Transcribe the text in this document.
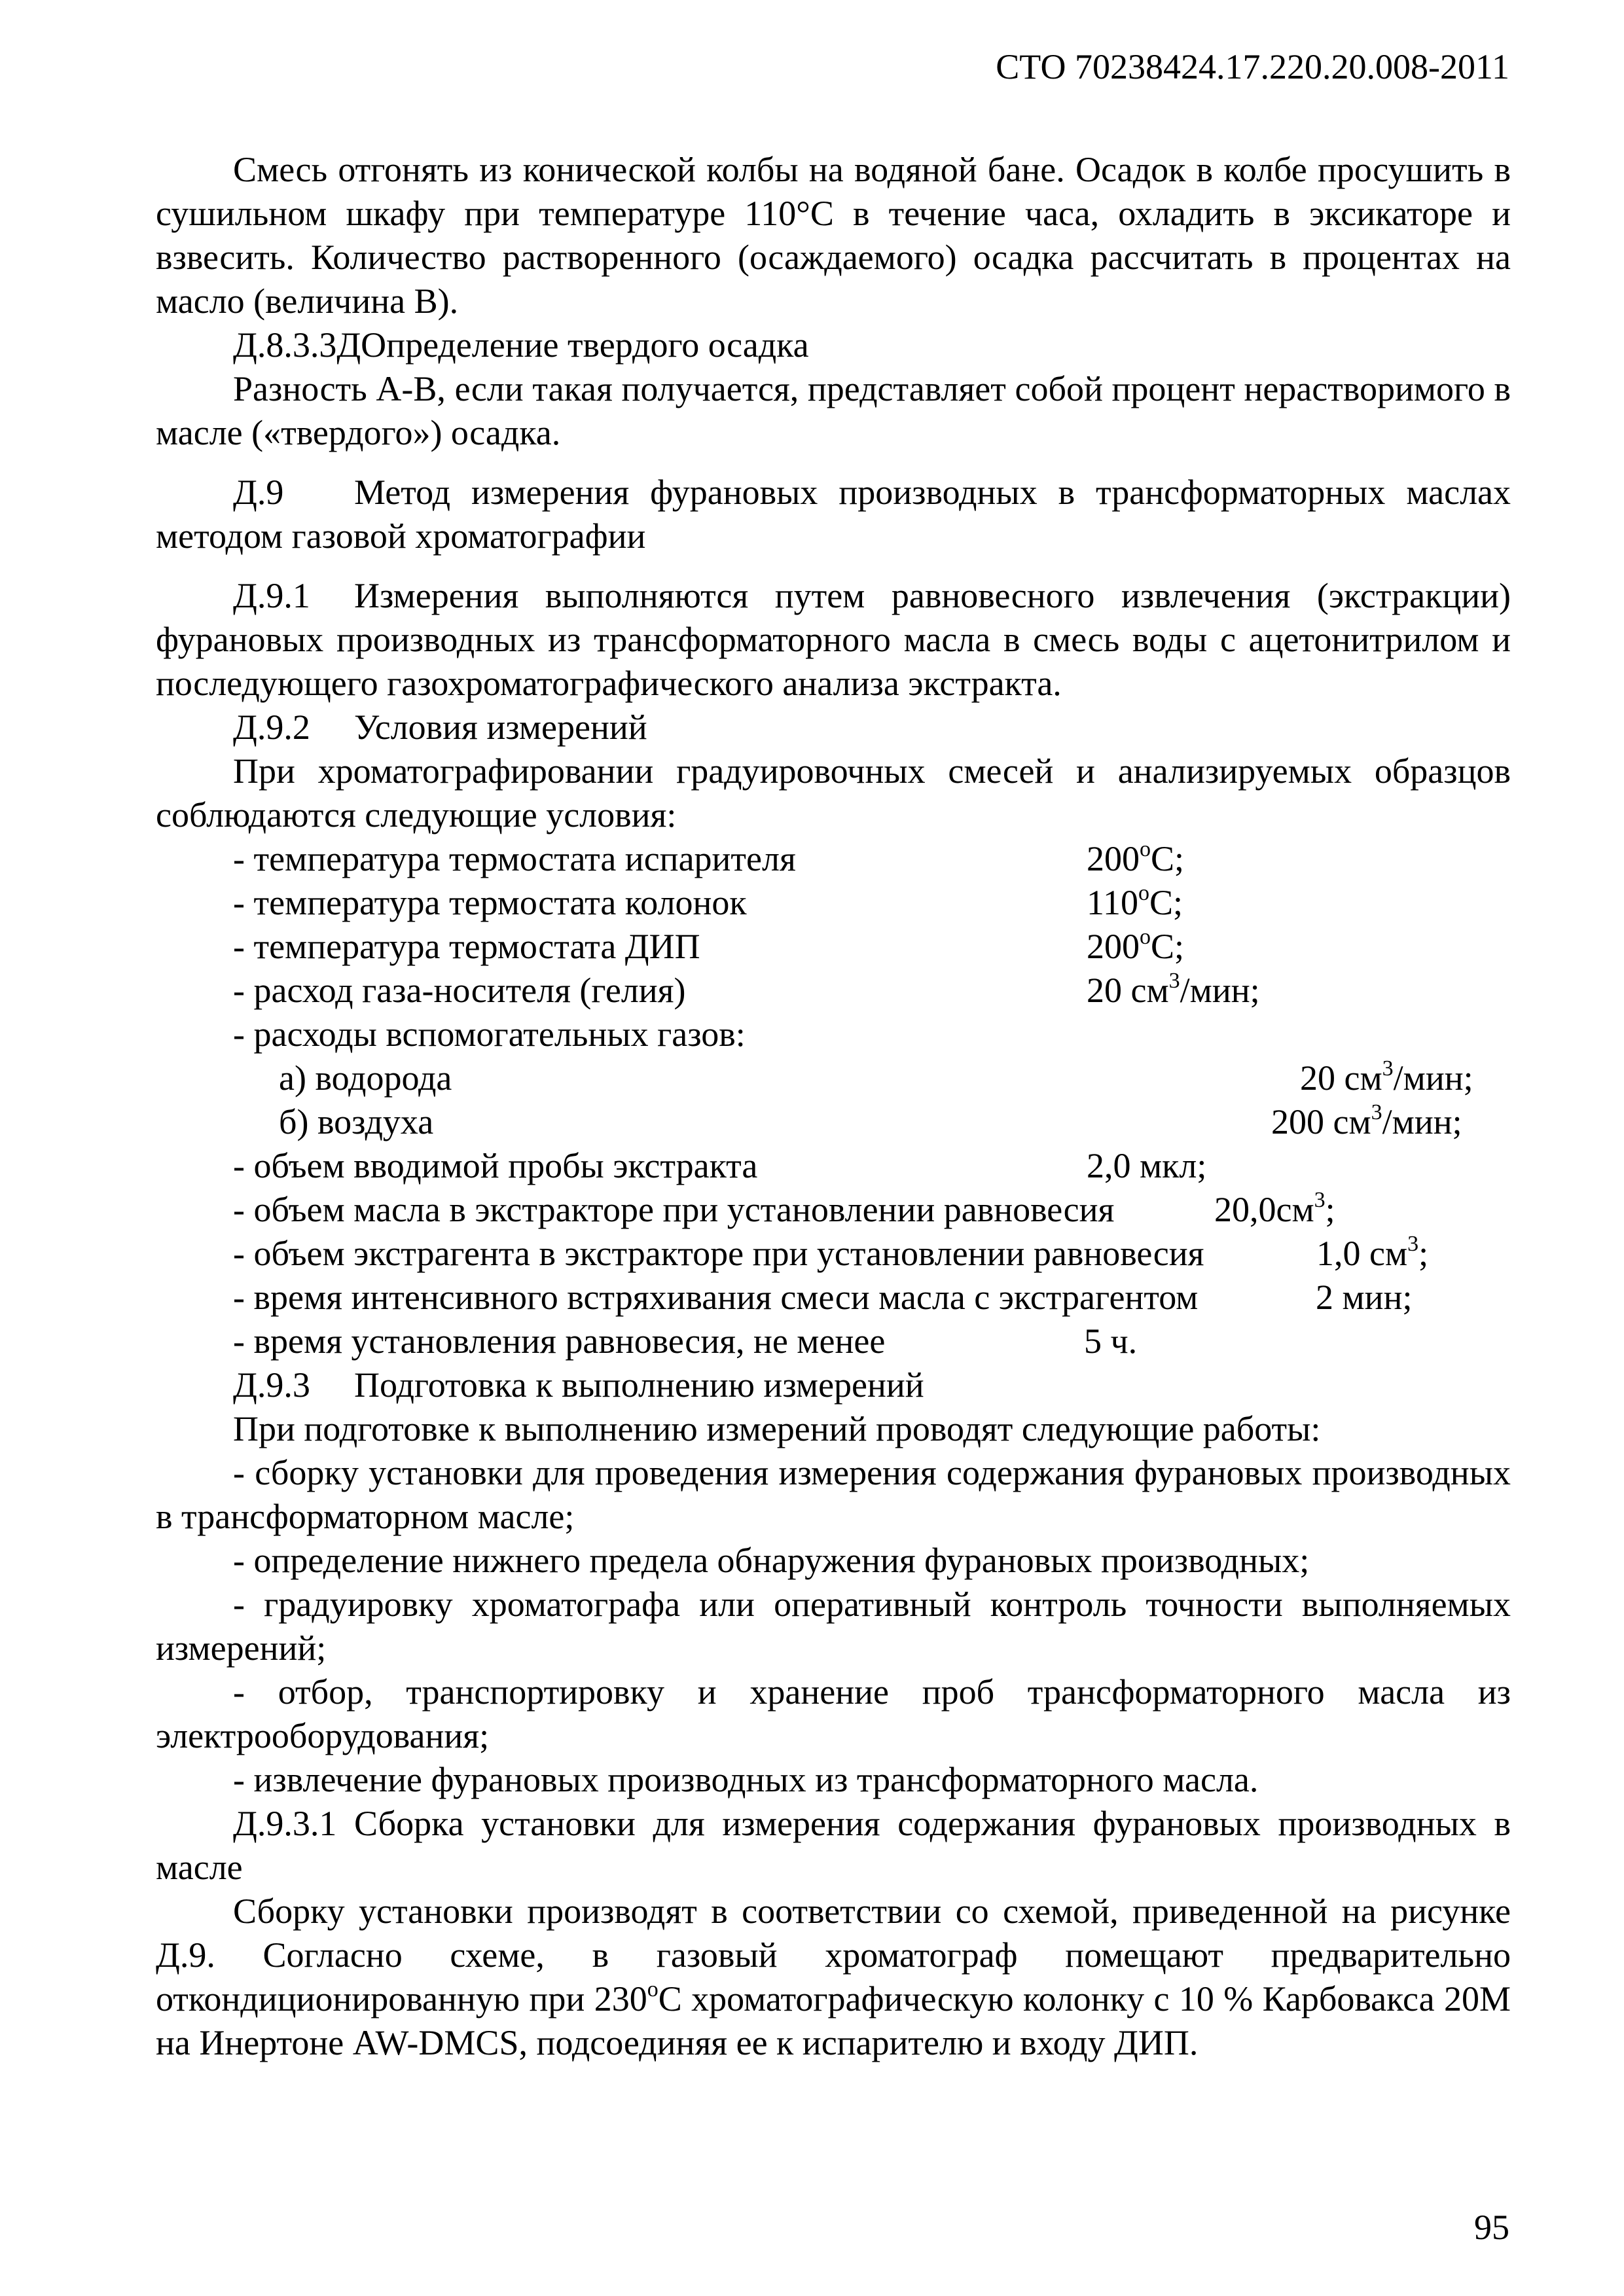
СТО 70238424.17.220.20.008-2011

Смесь отгонять из конической колбы на водяной бане. Осадок в колбе просушить в сушильном шкафу при температуре 110°С в течение часа, охладить в эксикаторе и взвесить. Количество растворенного (осаждаемого) осадка рассчитать в процентах на масло (величина В).

Д.8.3.3ДОпределение твердого осадка

Разность А-В, если такая получается, представляет собой процент нерастворимого в масле («твердого») осадка.

Д.9 Метод измерения фурановых производных в трансформаторных маслах методом газовой хроматографии

Д.9.1 Измерения выполняются путем равновесного извлечения (экстракции) фурановых производных из трансформаторного масла в смесь воды с ацетонитрилом и последующего газохроматографического анализа экстракта.

Д.9.2 Условия измерений

При хроматографировании градуировочных смесей и анализируемых образцов соблюдаются следующие условия:

- температура термостата испарителя	200$^o$С;
- температура термостата колонок	110$^o$С;
- температура термостата ДИП	200$^o$С;
- расход газа-носителя (гелия)	20 $см^3$/мин;
- расходы вспомогательных газов:
а) водорода	20 $см^3$/мин;
б) воздуха	200 $см^3$/мин;
- объем вводимой пробы экстракта	2,0 мкл;
- объем масла в экстракторе при установлении равновесия	$20,0см^3$;
- объем экстрагента в экстракторе при установлении равновесия	1,0 $см^3$;
- время интенсивного встряхивания смеси масла с экстрагентом	2 мин;
- время установления равновесия, не менее	5 ч.

Д.9.3 Подготовка к выполнению измерений

При подготовке к выполнению измерений проводят следующие работы:

- сборку установки для проведения измерения содержания фурановых производных в трансформаторном масле;

- определение нижнего предела обнаружения фурановых производных;

- градуировку хроматографа или оперативный контроль точности выполняемых измерений;

- отбор, транспортировку и хранение проб трансформаторного масла из электрооборудования;

- извлечение фурановых производных из трансформаторного масла.

Д.9.3.1 Сборка установки для измерения содержания фурановых производных в масле

Сборку установки производят в соответствии со схемой, приведенной на рисунке Д.9. Согласно схеме, в газовый хроматограф помещают предварительно откондиционированную при 230$^o$С хроматографическую колонку с 10 % Карбовакса 20М на Инертоне AW-DMCS, подсоединяя ее к испарителю и входу ДИП.

95
